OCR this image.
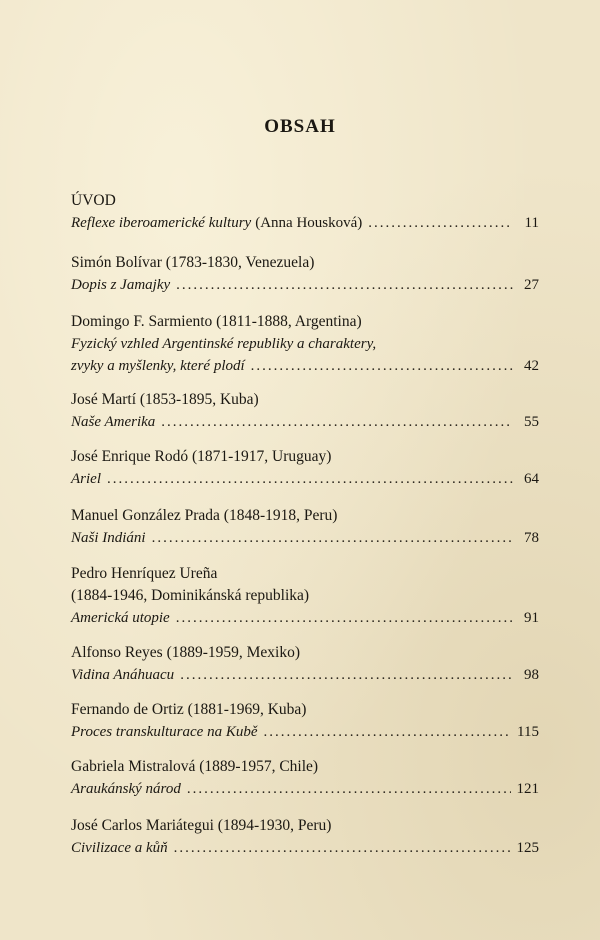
OBSAH
ÚVOD
Reflexe iberoamerické kultury (Anna Housková) .....	11
Simón Bolívar (1783-1830, Venezuela)
Dopis z Jamajky .....	27
Domingo F. Sarmiento (1811-1888, Argentina)
Fyzický vzhled Argentinské republiky a charaktery,
zvyky a myšlenky, které plodí .....	42
José Martí (1853-1895, Kuba)
Naše Amerika .....	55
José Enrique Rodó (1871-1917, Uruguay)
Ariel .....	64
Manuel González Prada (1848-1918, Peru)
Naši Indiáni .....	78
Pedro Henríquez Ureña
(1884-1946, Dominikánská republika)
Americká utopie .....	91
Alfonso Reyes (1889-1959, Mexiko)
Vidina Anáhuacu .....	98
Fernando de Ortiz (1881-1969, Kuba)
Proces transkulturace na Kubě .....	115
Gabriela Mistralová (1889-1957, Chile)
Araukánský národ .....	121
José Carlos Mariátegui (1894-1930, Peru)
Civilizace a kůň .....	125
